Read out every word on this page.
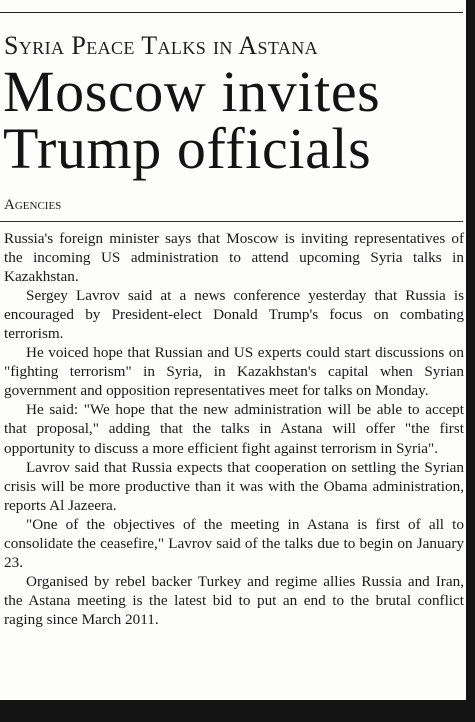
Syria Peace Talks in Astana
Moscow invites
Trump officials
Agencies

Russia's foreign minister says that Moscow is inviting representatives of the incoming US administration to attend upcoming Syria talks in Kazakhstan.

Sergey Lavrov said at a news conference yesterday that Russia is encouraged by President-elect Donald Trump's focus on combating terrorism.

He voiced hope that Russian and US experts could start discussions on "fighting terrorism" in Syria, in Kazakhstan's capital when Syrian government and opposition representatives meet for talks on Monday.

He said: "We hope that the new administration will be able to accept that proposal," adding that the talks in Astana will offer "the first opportunity to discuss a more efficient fight against terrorism in Syria".

Lavrov said that Russia expects that cooperation on settling the Syrian crisis will be more productive than it was with the Obama administration, reports Al Jazeera.

"One of the objectives of the meeting in Astana is first of all to consolidate the ceasefire," Lavrov said of the talks due to begin on January 23.

Organised by rebel backer Turkey and regime allies Russia and Iran, the Astana meeting is the latest bid to put an end to the brutal conflict raging since March 2011.
